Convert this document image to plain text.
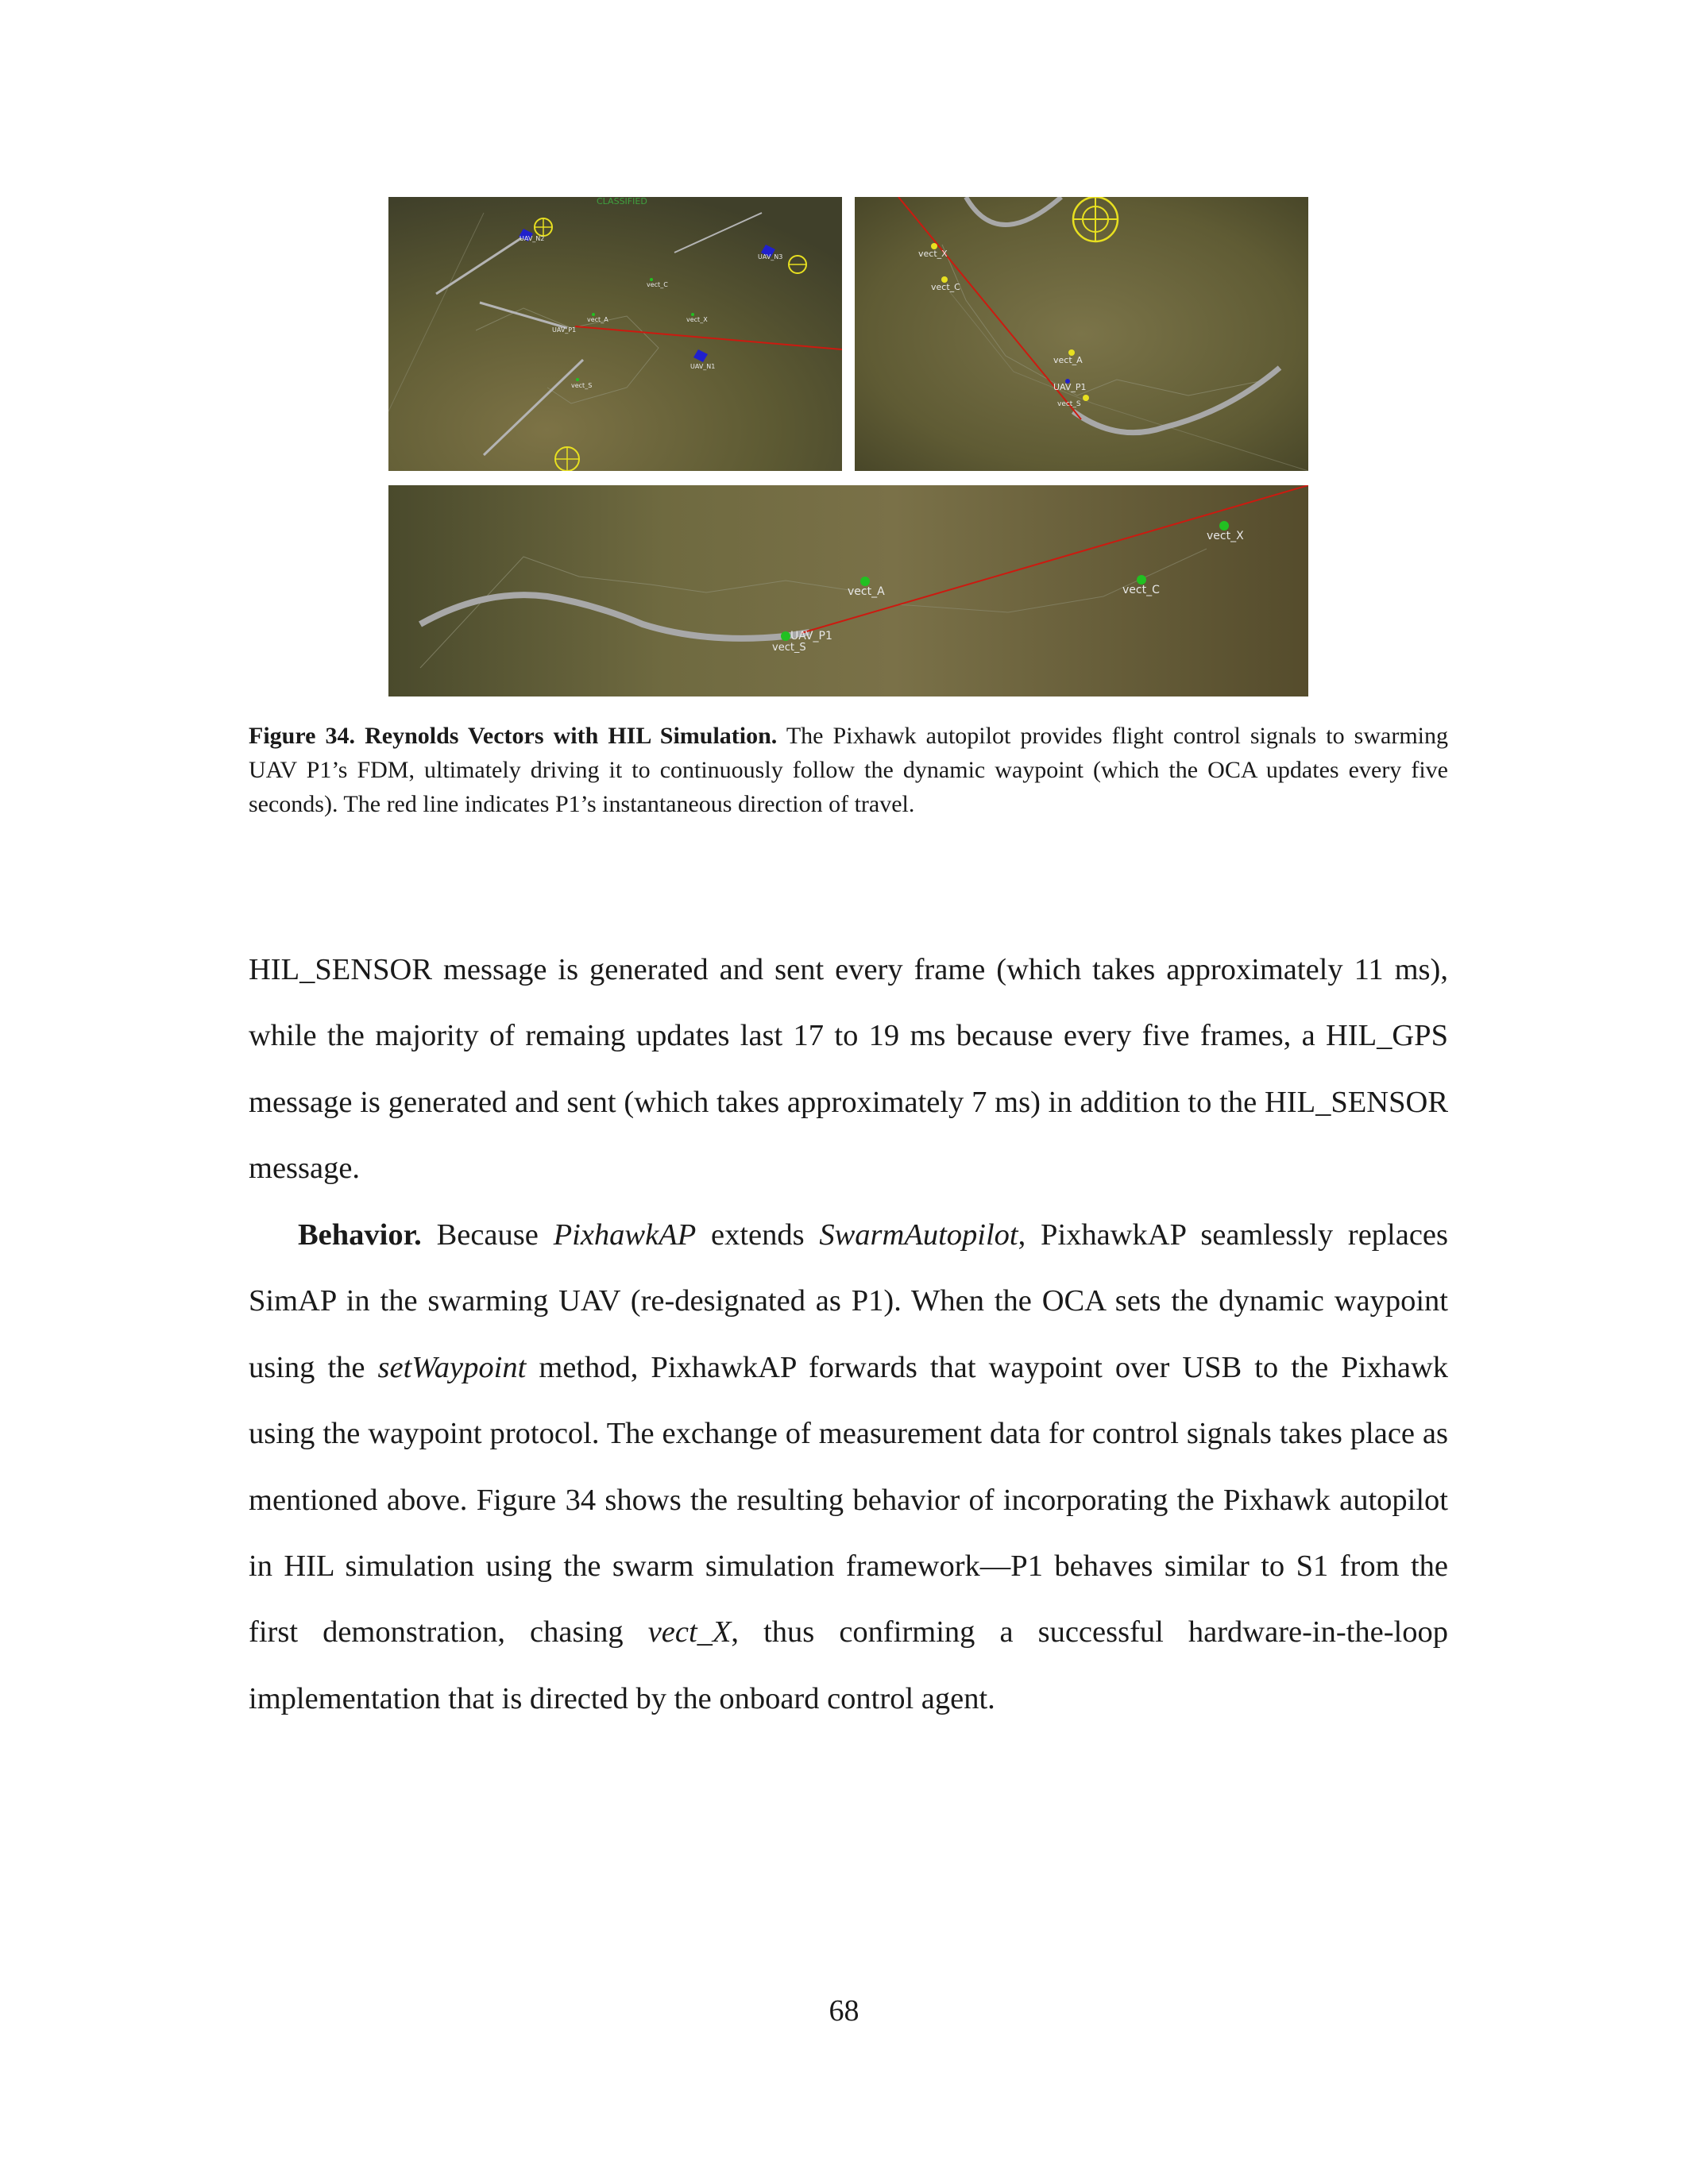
UAV_N2
UAV_N3
vect_C
vect_A	vect_X
UAV_P1
UAV_N1
vect_S
CLASSIFIED
vect_X
vect_C
vect_A
UAV_P1
vect_S
vect_X
vect_A	vect_C
UAV_P1
vect_S
Figure 34. Reynolds Vectors with HIL Simulation. The Pixhawk autopilot provides flight control signals to swarming UAV P1’s FDM, ultimately driving it to continuously follow the dynamic waypoint (which the OCA updates every five seconds). The red line indicates P1’s instantaneous direction of travel.

HIL_SENSOR message is generated and sent every frame (which takes approximately 11 ms), while the majority of remaing updates last 17 to 19 ms because every five frames, a HIL_GPS message is generated and sent (which takes approximately 7 ms) in addition to the HIL_SENSOR message.

Behavior. Because PixhawkAP extends SwarmAutopilot, PixhawkAP seamlessly replaces SimAP in the swarming UAV (re-designated as P1). When the OCA sets the dynamic waypoint using the setWaypoint method, PixhawkAP forwards that waypoint over USB to the Pixhawk using the waypoint protocol. The exchange of measurement data for control signals takes place as mentioned above. Figure 34 shows the resulting behavior of incorporating the Pixhawk autopilot in HIL simulation using the swarm simulation framework—P1 behaves similar to S1 from the first demonstration, chasing vect_X, thus confirming a successful hardware-in-the-loop implementation that is directed by the onboard control agent.

68
